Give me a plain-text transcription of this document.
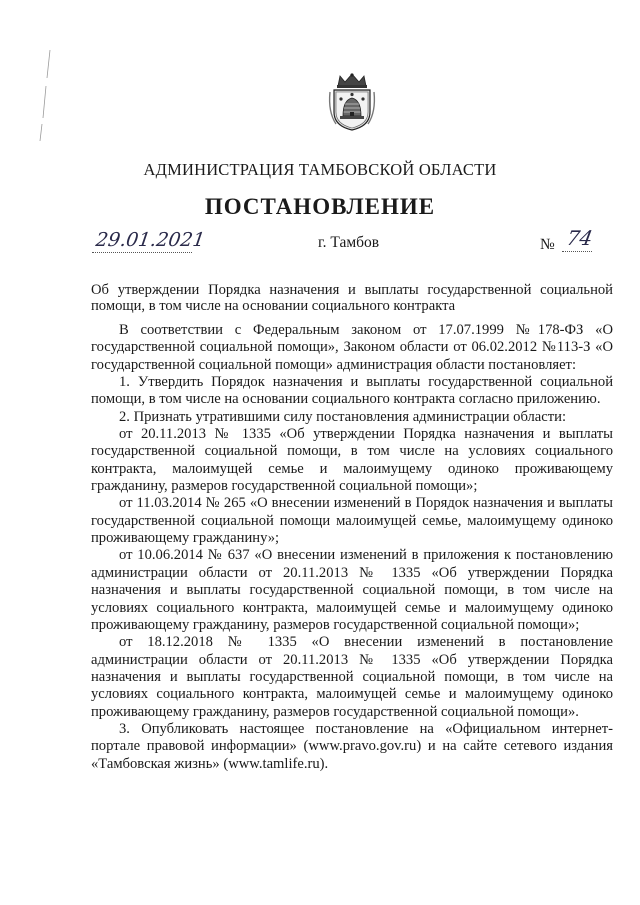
АДМИНИСТРАЦИЯ ТАМБОВСКОЙ ОБЛАСТИ
ПОСТАНОВЛЕНИЕ
29.01.2021	г. Тамбов	№ 74
Об утверждении Порядка назначения и выплаты государственной социальной помощи, в том числе на основании социального контракта

В соответствии с Федеральным законом от 17.07.1999 №178-ФЗ «О государственной социальной помощи», Законом области от 06.02.2012 №113-З «О государственной социальной помощи» администрация области постановляет:

1. Утвердить Порядок назначения и выплаты государственной социальной помощи, в том числе на основании социального контракта согласно приложению.

2. Признать утратившими силу постановления администрации области:

от 20.11.2013 № 1335 «Об утверждении Порядка назначения и выплаты государственной социальной помощи, в том числе на условиях социального контракта, малоимущей семье и малоимущему одиноко проживающему гражданину, размеров государственной социальной помощи»;

от 11.03.2014 № 265 «О внесении изменений в Порядок назначения и выплаты государственной социальной помощи малоимущей семье, малоимущему одиноко проживающему гражданину»;

от 10.06.2014 № 637 «О внесении изменений в приложения к постановлению администрации области от 20.11.2013 № 1335 «Об утверждении Порядка назначения и выплаты государственной социальной помощи, в том числе на условиях социального контракта, малоимущей семье и малоимущему одиноко проживающему гражданину, размеров государственной социальной помощи»;

от 18.12.2018 № 1335 «О внесении изменений в постановление администрации области от 20.11.2013 № 1335 «Об утверждении Порядка назначения и выплаты государственной социальной помощи, в том числе на условиях социального контракта, малоимущей семье и малоимущему одиноко проживающему гражданину, размеров государственной социальной помощи».

3. Опубликовать настоящее постановление на «Официальном интернет-портале правовой информации» (www.pravo.gov.ru) и на сайте сетевого издания «Тамбовская жизнь» (www.tamlife.ru).
